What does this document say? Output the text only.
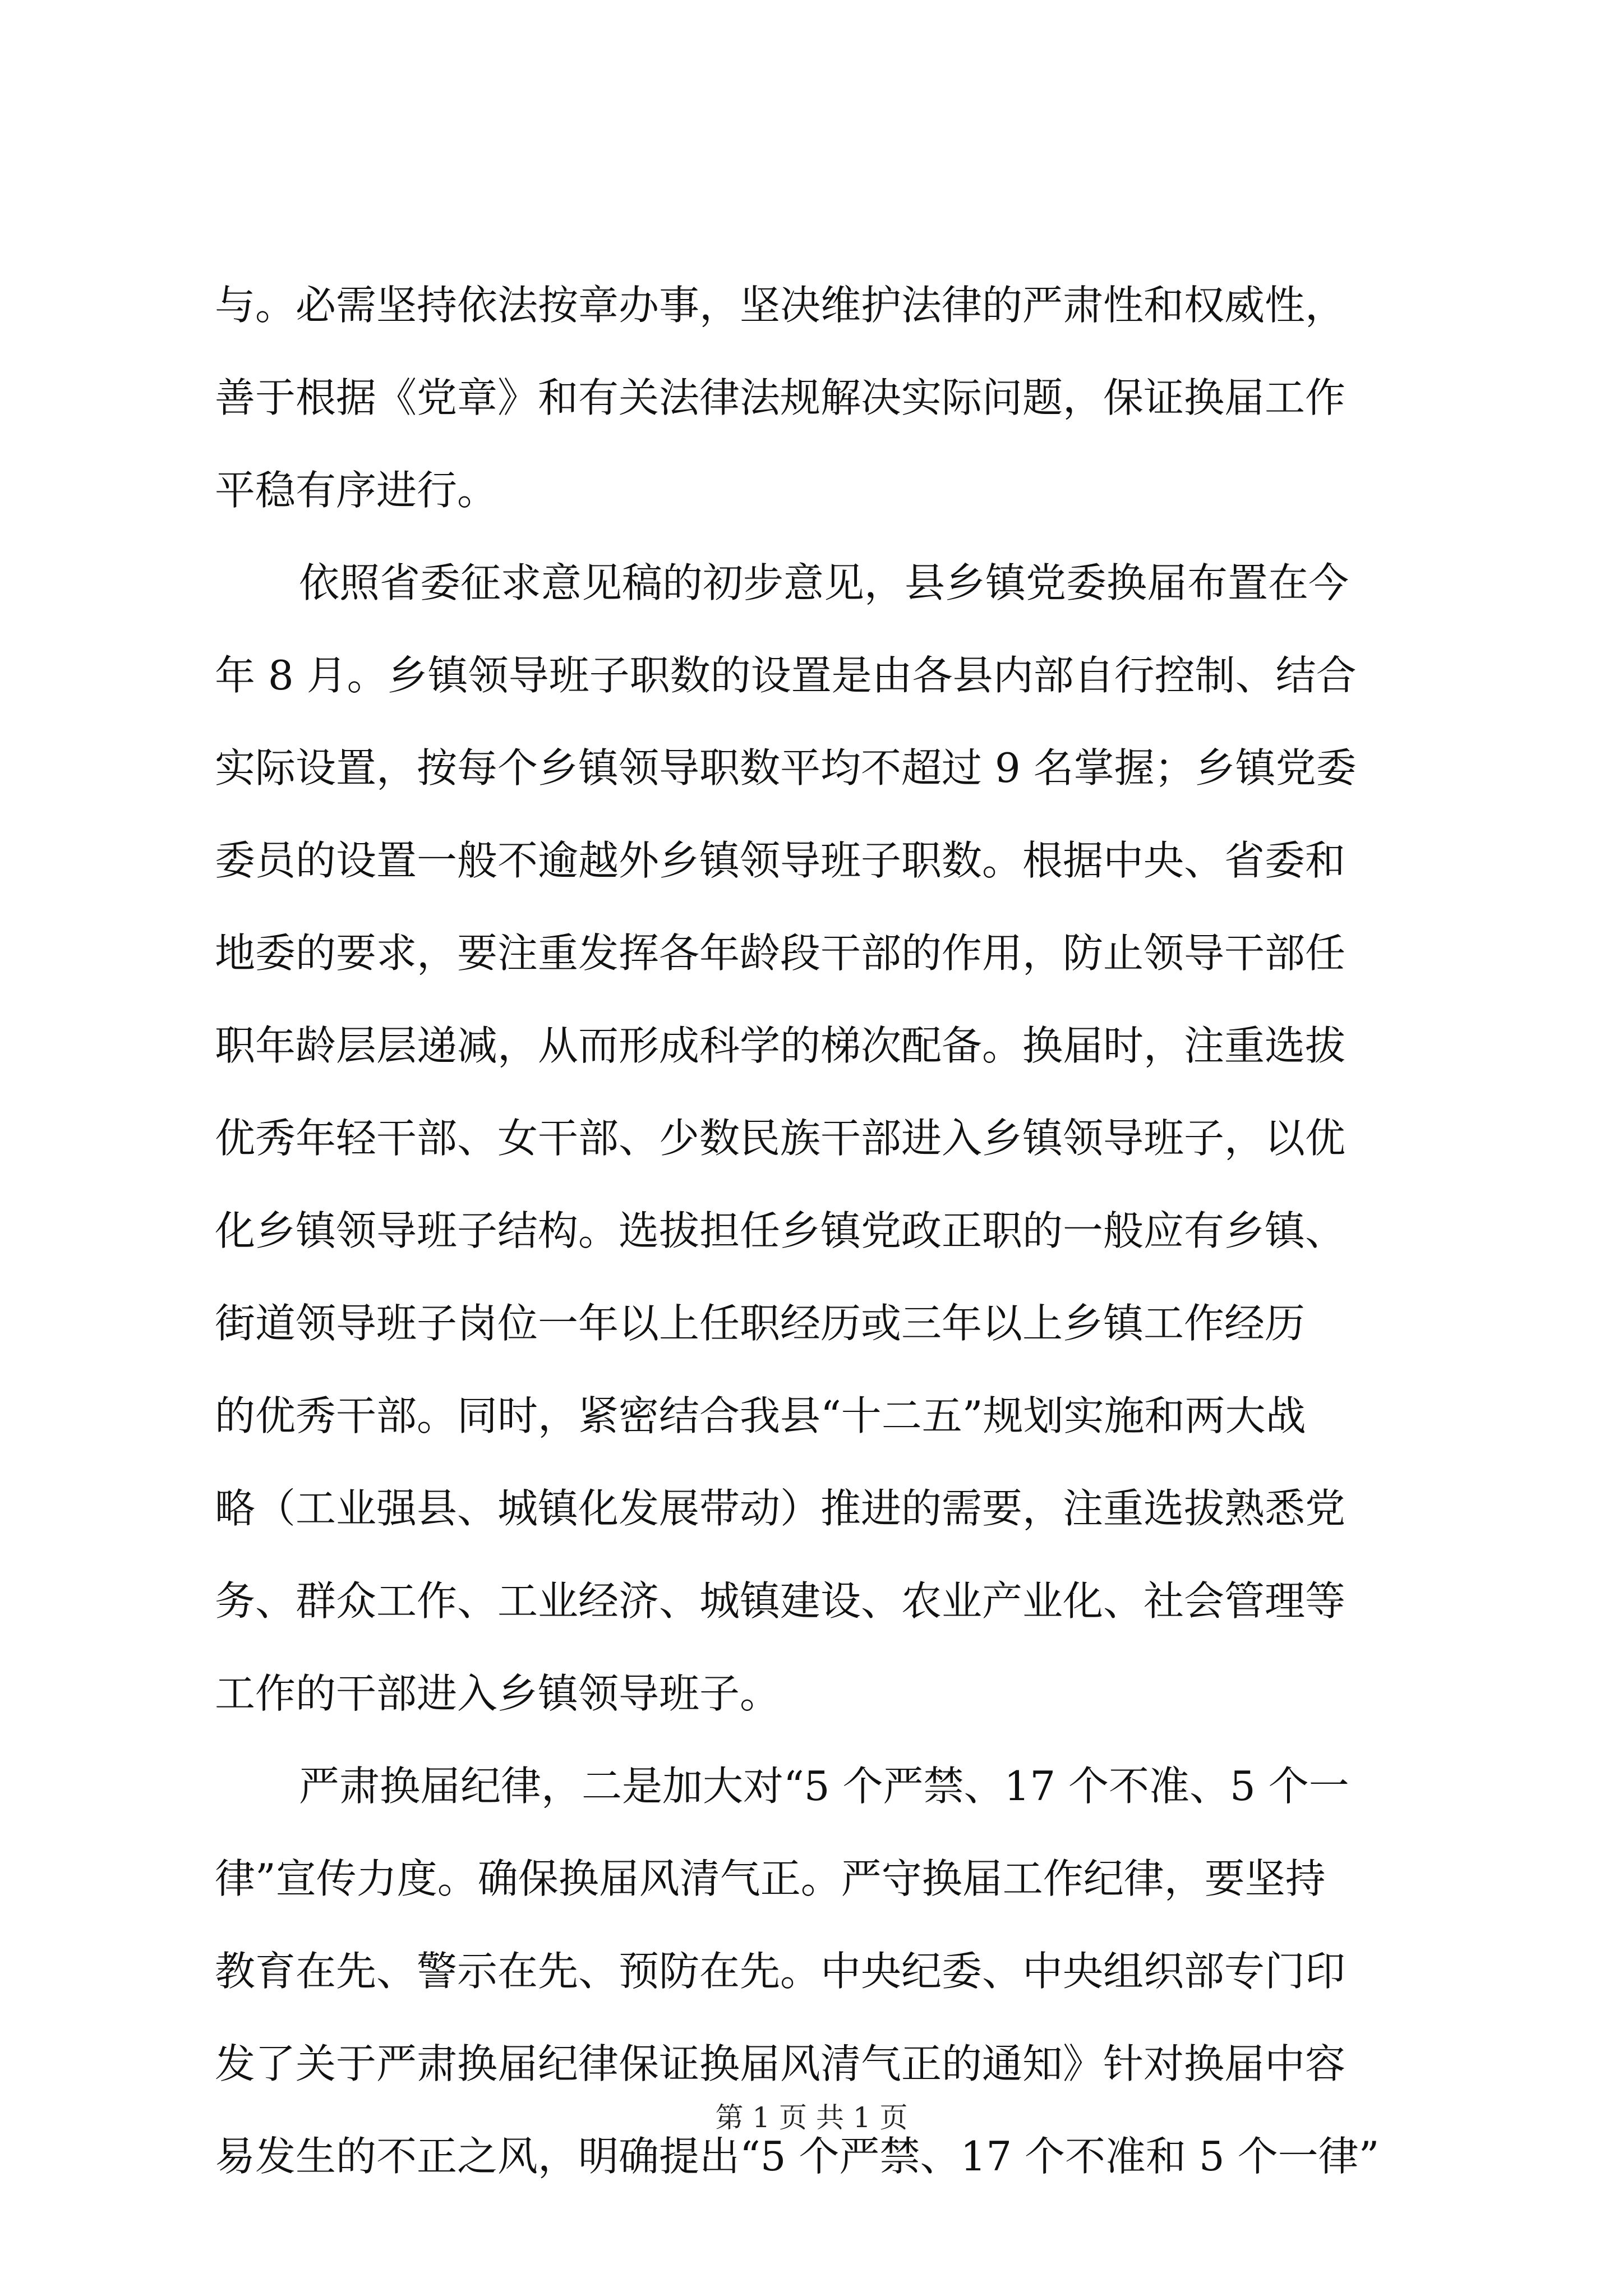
与。必需坚持依法按章办事，坚决维护法律的严肃性和权威性，
善于根据《党章》和有关法律法规解决实际问题，保证换届工作
平稳有序进行。
依照省委征求意见稿的初步意见，县乡镇党委换届布置在今
年 8 月。乡镇领导班子职数的设置是由各县内部自行控制、结合
实际设置，按每个乡镇领导职数平均不超过 9 名掌握；乡镇党委
委员的设置一般不逾越外乡镇领导班子职数。根据中央、省委和
地委的要求，要注重发挥各年龄段干部的作用，防止领导干部任
职年龄层层递减，从而形成科学的梯次配备。换届时，注重选拔
优秀年轻干部、女干部、少数民族干部进入乡镇领导班子，以优
化乡镇领导班子结构。选拔担任乡镇党政正职的一般应有乡镇、
街道领导班子岗位一年以上任职经历或三年以上乡镇工作经历
的优秀干部。同时，紧密结合我县“十二五”规划实施和两大战
略（工业强县、城镇化发展带动）推进的需要，注重选拔熟悉党
务、群众工作、工业经济、城镇建设、农业产业化、社会管理等
工作的干部进入乡镇领导班子。
严肃换届纪律，二是加大对“5 个严禁、17 个不准、5 个一
律”宣传力度。确保换届风清气正。严守换届工作纪律，要坚持
教育在先、警示在先、预防在先。中央纪委、中央组织部专门印
发了关于严肃换届纪律保证换届风清气正的通知》针对换届中容
易发生的不正之风，明确提出“5 个严禁、17 个不准和 5 个一律”
第 1 页 共 1 页
